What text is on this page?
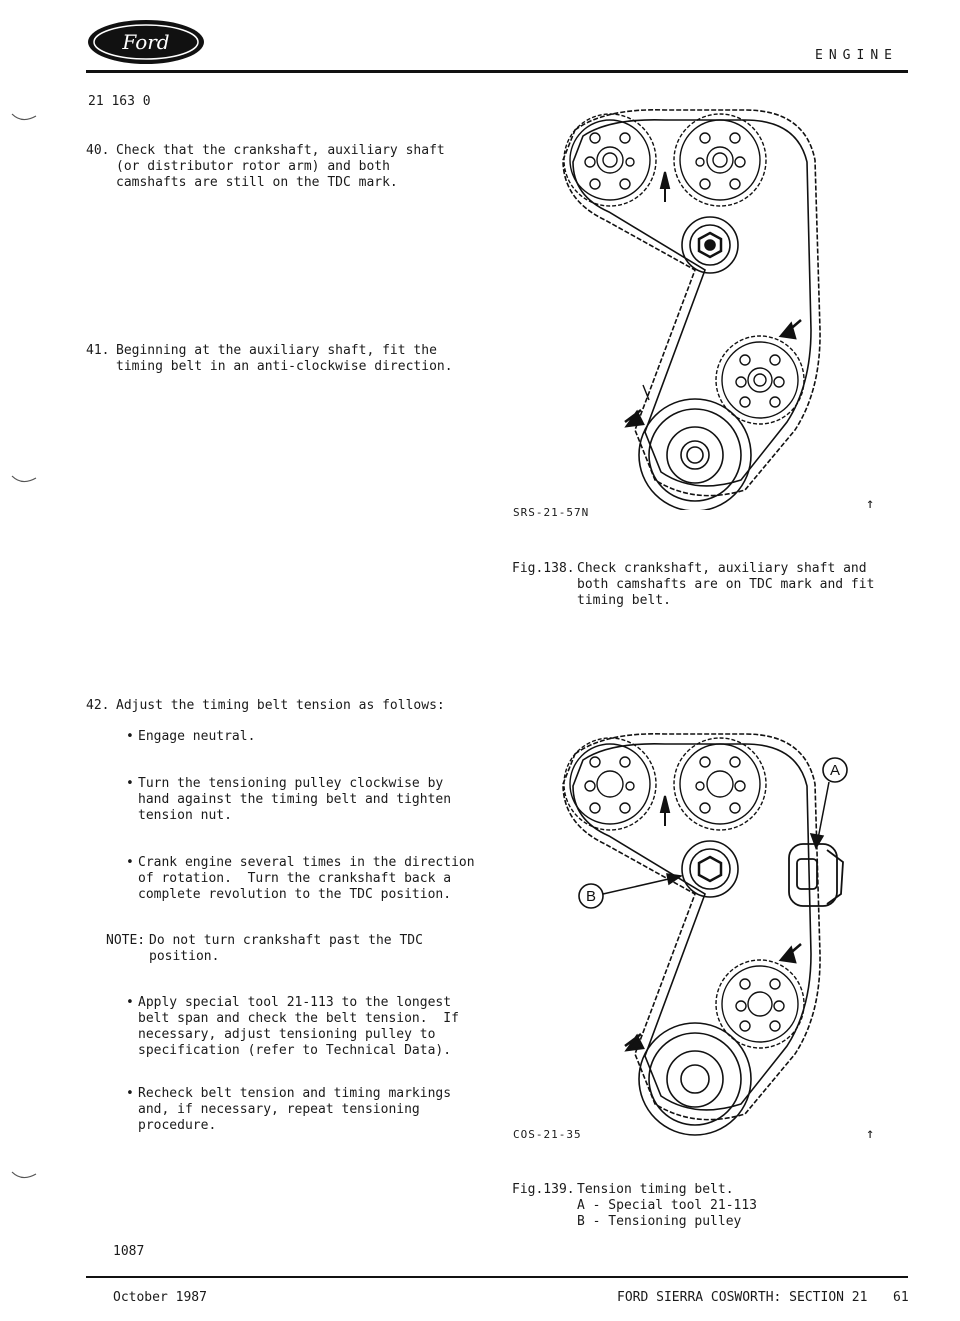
Ford
ENGINE
21 163 0

40.

Check that the crankshaft, auxiliary shaft
(or distributor rotor arm) and both
camshafts are still on the TDC mark.

41.

Beginning at the auxiliary shaft, fit the
timing belt in an anti-clockwise direction.

42.

Adjust the timing belt tension as follows:

•

Engage neutral.

•

Turn the tensioning pulley clockwise by
hand against the timing belt and tighten
tension nut.

•

Crank engine several times in the direction
of rotation.  Turn the crankshaft back a
complete revolution to the TDC position.

NOTE:

Do not turn crankshaft past the TDC
position.

•

Apply special tool 21-113 to the longest
belt span and check the belt tension.  If
necessary, adjust tensioning pulley to
specification (refer to Technical Data).

•

Recheck belt tension and timing markings
and, if necessary, repeat tensioning
procedure.

SRS-21-57N
↑
Fig.138. Check crankshaft, auxiliary shaft and
both camshafts are on TDC mark and fit
timing belt.
A
B
COS-21-35	↑
Fig.139. Tension timing belt.
A - Special tool 21-113
B - Tensioning pulley
1087
October 1987	FORD SIERRA COSWORTH: SECTION 21 61
